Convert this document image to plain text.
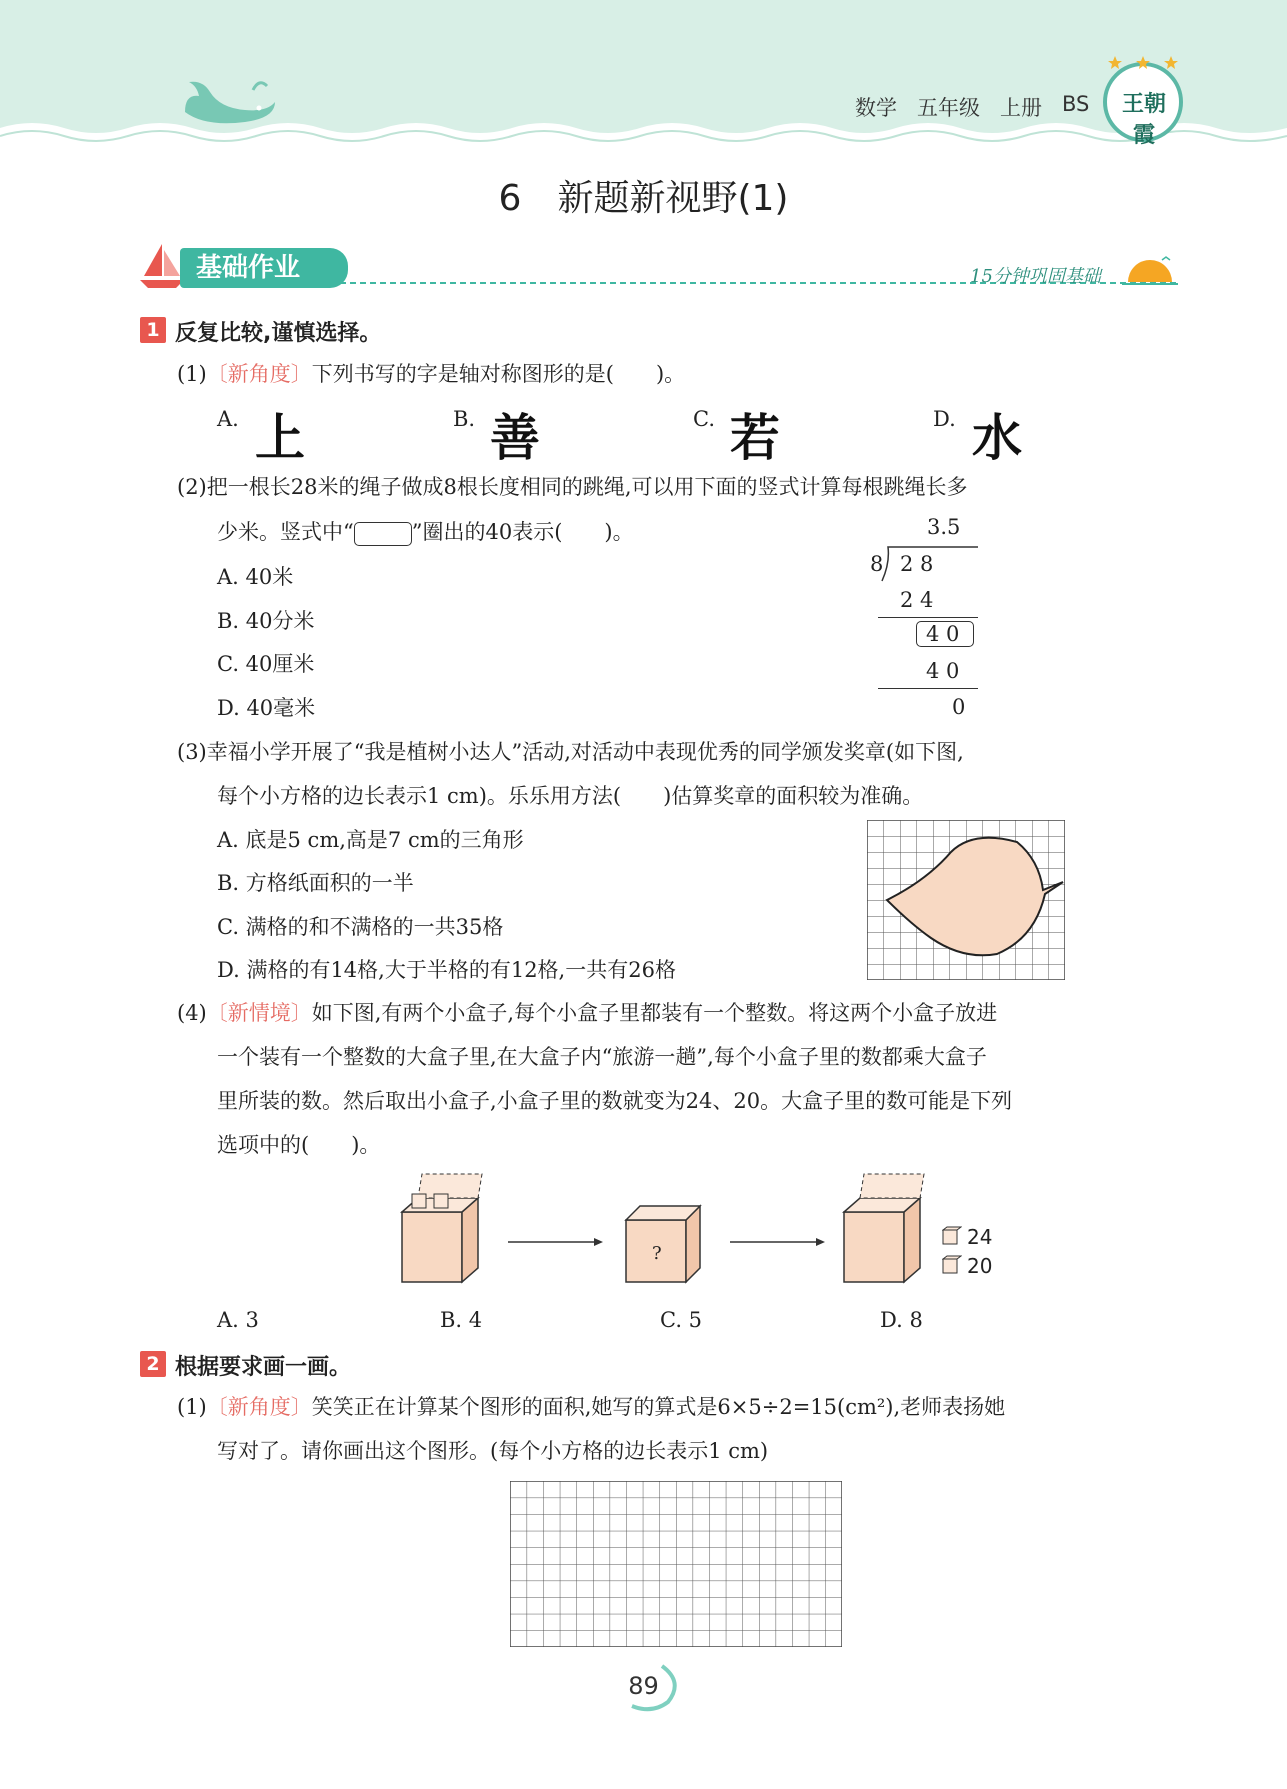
数学 五年级 上册 BS	王朝霞
6　新题新视野(1)
基础作业	15分钟巩固基础
1 反复比较,谨慎选择。
(1)〔新角度〕下列书写的字是轴对称图形的是(　　)。
A. 上	B. 善	C. 若	D. 水
(2)把一根长28米的绳子做成8根长度相同的跳绳,可以用下面的竖式计算每根跳绳长多
少米。竖式中“	”圈出的40表示(　　)。
A. 40米
B. 40分米
C. 40厘米
D. 40毫米
3.5
8 2 8
2 4
4 0
4 0
0
(3)幸福小学开展了“我是植树小达人”活动,对活动中表现优秀的同学颁发奖章(如下图,
每个小方格的边长表示1 cm)。乐乐用方法(　　)估算奖章的面积较为准确。
A. 底是5 cm,高是7 cm的三角形
B. 方格纸面积的一半
C. 满格的和不满格的一共35格
D. 满格的有14格,大于半格的有12格,一共有26格
(4)〔新情境〕如下图,有两个小盒子,每个小盒子里都装有一个整数。将这两个小盒子放进
一个装有一个整数的大盒子里,在大盒子内“旅游一趟”,每个小盒子里的数都乘大盒子
里所装的数。然后取出小盒子,小盒子里的数就变为24、20。大盒子里的数可能是下列
选项中的(　　)。
?
24
20
A. 3	B. 4	C. 5	D. 8
2 根据要求画一画。
(1)〔新角度〕笑笑正在计算某个图形的面积,她写的算式是6×5÷2=15(cm²),老师表扬她
写对了。请你画出这个图形。(每个小方格的边长表示1 cm)
89
